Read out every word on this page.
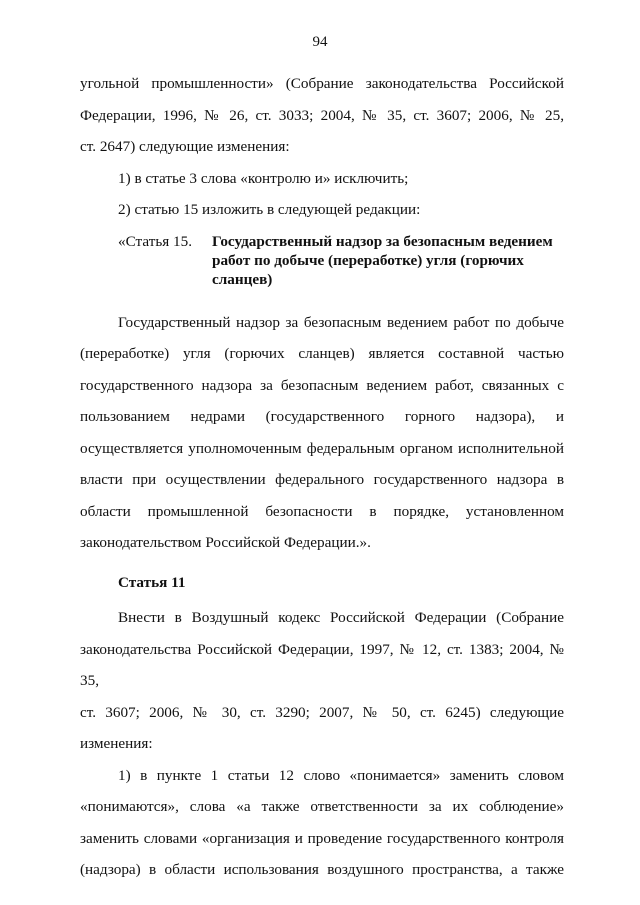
94

угольной промышленности» (Собрание законодательства Российской

Федерации, 1996, № 26, ст. 3033; 2004, № 35, ст. 3607; 2006, № 25,

ст. 2647) следующие изменения:

1) в статье 3 слова «контролю и» исключить;

2) статью 15 изложить в следующей редакции:

«Статья 15.	Государственный надзор за безопасным ведением
работ по добыче (переработке) угля (горючих
сланцев)

Государственный надзор за безопасным ведением работ по добыче

(переработке) угля (горючих сланцев) является составной частью

государственного надзора за безопасным ведением работ, связанных с

пользованием недрами (государственного горного надзора), и

осуществляется уполномоченным федеральным органом исполнительной

власти при осуществлении федерального государственного надзора в

области промышленной безопасности в порядке, установленном

законодательством Российской Федерации.».

Статья 11

Внести в Воздушный кодекс Российской Федерации (Собрание

законодательства Российской Федерации, 1997, № 12, ст. 1383; 2004, № 35,

ст. 3607; 2006, № 30, ст. 3290; 2007, № 50, ст. 6245) следующие изменения:

1) в пункте 1 статьи 12 слово «понимается» заменить словом

«понимаются», слова «а также ответственности за их соблюдение»

заменить словами «организация и проведение государственного контроля

(надзора) в области использования воздушного пространства, а также
